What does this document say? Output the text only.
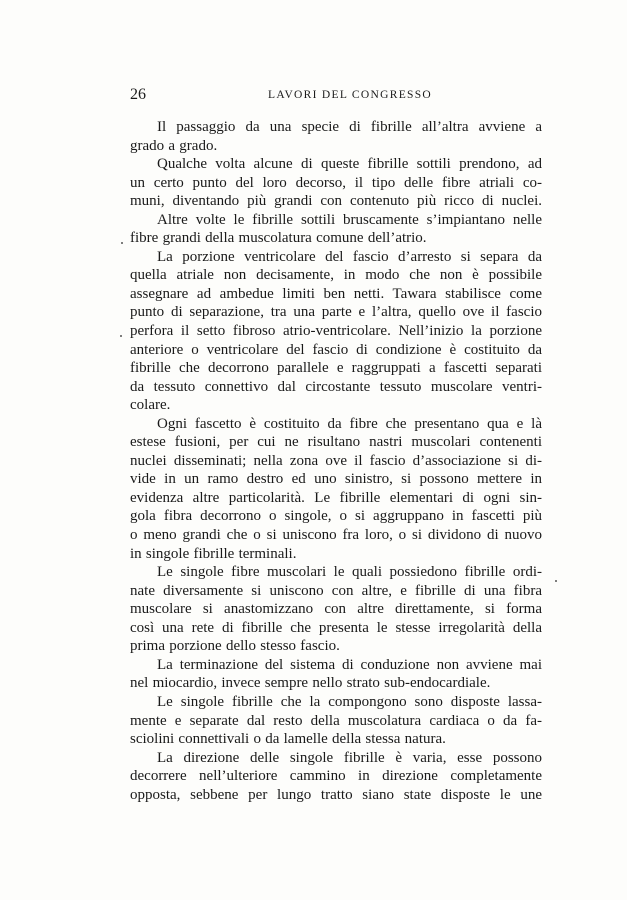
26	LAVORI DEL CONGRESSO
Il passaggio da una specie di fibrille all’altra avviene a
grado a grado.
Qualche volta alcune di queste fibrille sottili prendono, ad
un certo punto del loro decorso, il tipo delle fibre atriali co-
muni, diventando più grandi con contenuto più ricco di nuclei.
Altre volte le fibrille sottili bruscamente s’impiantano nelle
fibre grandi della muscolatura comune dell’atrio.
La porzione ventricolare del fascio d’arresto si separa da
quella atriale non decisamente, in modo che non è possibile
assegnare ad ambedue limiti ben netti. Tawara stabilisce come
punto di separazione, tra una parte e l’altra, quello ove il fascio
perfora il setto fibroso atrio-ventricolare. Nell’inizio la porzione
anteriore o ventricolare del fascio di condizione è costituito da
fibrille che decorrono parallele e raggruppati a fascetti separati
da tessuto connettivo dal circostante tessuto muscolare ventri-
colare.
Ogni fascetto è costituito da fibre che presentano qua e là
estese fusioni, per cui ne risultano nastri muscolari contenenti
nuclei disseminati; nella zona ove il fascio d’associazione si di-
vide in un ramo destro ed uno sinistro, si possono mettere in
evidenza altre particolarità. Le fibrille elementari di ogni sin-
gola fibra decorrono o singole, o si aggruppano in fascetti più
o meno grandi che o si uniscono fra loro, o si dividono di nuovo
in singole fibrille terminali.
Le singole fibre muscolari le quali possiedono fibrille ordi-
nate diversamente si uniscono con altre, e fibrille di una fibra
muscolare si anastomizzano con altre direttamente, si forma
così una rete di fibrille che presenta le stesse irregolarità della
prima porzione dello stesso fascio.
La terminazione del sistema di conduzione non avviene mai
nel miocardio, invece sempre nello strato sub-endocardiale.
Le singole fibrille che la compongono sono disposte lassa-
mente e separate dal resto della muscolatura cardiaca o da fa-
sciolini connettivali o da lamelle della stessa natura.
La direzione delle singole fibrille è varia, esse possono
decorrere nell’ulteriore cammino in direzione completamente
opposta, sebbene per lungo tratto siano state disposte le une
